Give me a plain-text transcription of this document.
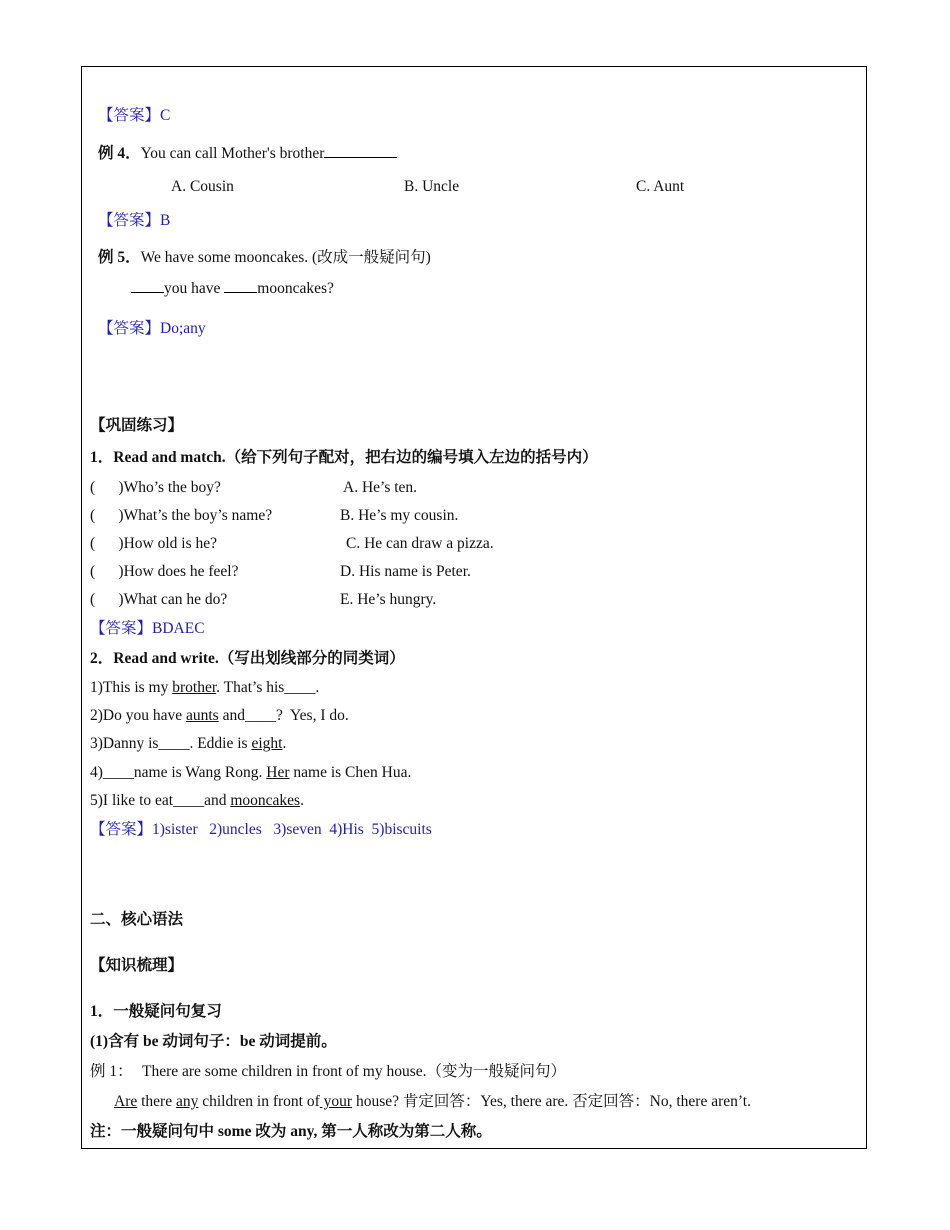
【答案】C
例 4．You can call Mother's brother
A. Cousin	B. Uncle	C. Aunt
【答案】B
例 5．We have some mooncakes. (改成一般疑问句)
you have mooncakes?
【答案】Do;any
【巩固练习】
1．Read and match.（给下列句子配对，把右边的编号填入左边的括号内）
(      )Who’s the boy?	A. He’s ten.
(      )What’s the boy’s name?	B. He’s my cousin.
(      )How old is he?	C. He can draw a pizza.
(      )How does he feel?	D. His name is Peter.
(      )What can he do?	E. He’s hungry.
【答案】BDAEC
2．Read and write.（写出划线部分的同类词）
1)This is my brother. That’s his____.
2)Do you have aunts and____?  Yes, I do.
3)Danny is____. Eddie is eight.
4)____name is Wang Rong. Her name is Chen Hua.
5)I like to eat____and mooncakes.
【答案】1)sister   2)uncles   3)seven  4)His  5)biscuits
二、核心语法
【知识梳理】
1．一般疑问句复习
(1)含有 be 动词句子：be 动词提前。
例 1： There are some children in front of my house.（变为一般疑问句）
Are there any children in front of your house? 肯定回答：Yes, there are. 否定回答：No, there aren’t.
注：一般疑问句中 some 改为 any, 第一人称改为第二人称。
